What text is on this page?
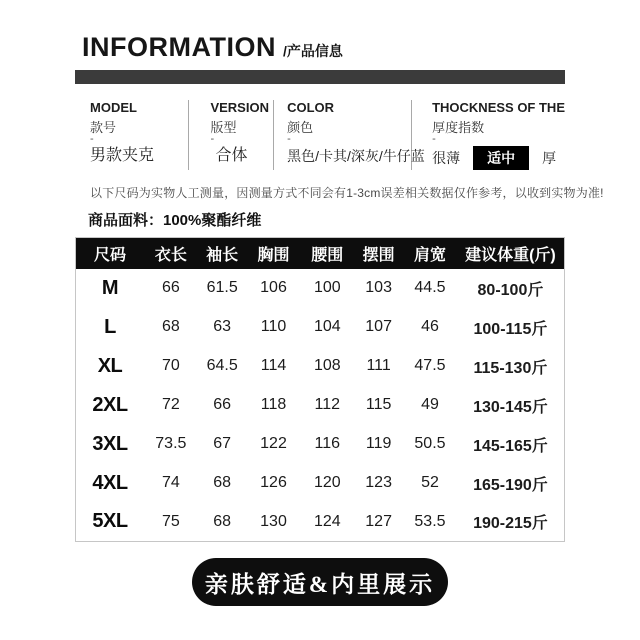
INFORMATION /产品信息
MODEL
款号
-
男款夹克
VERSION
版型
-
合体
COLOR
颜色
-
黑色/卡其/深灰/牛仔蓝
THOCKNESS OF THE
厚度指数
-
很薄	适中	厚
以下尺码为实物人工测量，因测量方式不同会有1-3cm误差相关数据仅作参考，以收到实物为准!
商品面料：100%聚酯纤维
尺码	衣长	袖长	胸围	腰围	摆围	肩宽	建议体重(斤)
M	66	61.5	106	100	103	44.5	80-100斤
L	68	63	110	104	107	46	100-115斤
XL	70	64.5	114	108	111	47.5	115-130斤
2XL	72	66	118	112	115	49	130-145斤
3XL	73.5	67	122	116	119	50.5	145-165斤
4XL	74	68	126	120	123	52	165-190斤
5XL	75	68	130	124	127	53.5	190-215斤
亲肤舒适&内里展示
